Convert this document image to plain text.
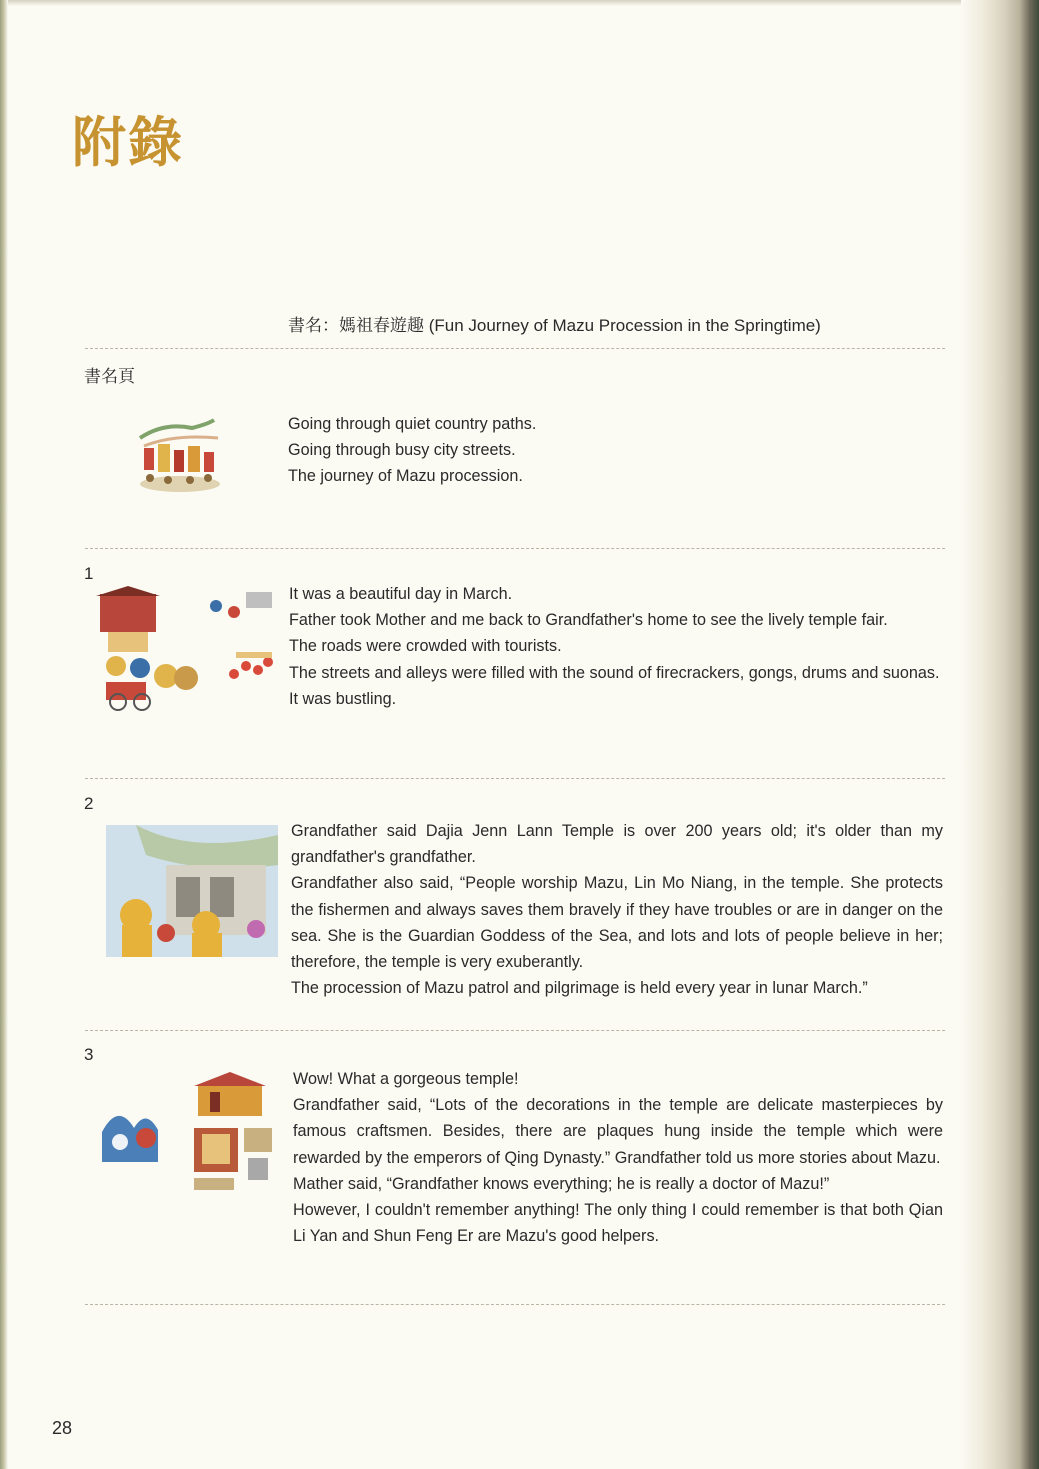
附錄
書名：媽祖春遊趣 (Fun Journey of Mazu Procession in the Springtime)
書名頁

Going through quiet country paths.

Going through busy city streets.

The journey of Mazu procession.

1

It was a beautiful day in March.

Father took Mother and me back to Grandfather's home to see the lively temple fair.

The roads were crowded with tourists.

The streets and alleys were filled with the sound of firecrackers, gongs, drums and suonas.

It was bustling.

2

Grandfather said Dajia Jenn Lann Temple is over 200 years old; it's older than my grandfather's grandfather.

Grandfather also said, “People worship Mazu, Lin Mo Niang, in the temple. She protects the fishermen and always saves them bravely if they have troubles or are in danger on the sea. She is the Guardian Goddess of the Sea, and lots and lots of people believe in her; therefore, the temple is very exuberantly.

The procession of Mazu patrol and pilgrimage is held every year in lunar March.”

3

Wow! What a gorgeous temple!

Grandfather said, “Lots of the decorations in the temple are delicate masterpieces by famous craftsmen. Besides, there are plaques hung inside the temple which were rewarded by the emperors of Qing Dynasty.” Grandfather told us more stories about Mazu.

Mather said, “Grandfather knows everything; he is really a doctor of Mazu!”

However, I couldn't remember anything! The only thing I could remember is that both Qian Li Yan and Shun Feng Er are Mazu's good helpers.

28
